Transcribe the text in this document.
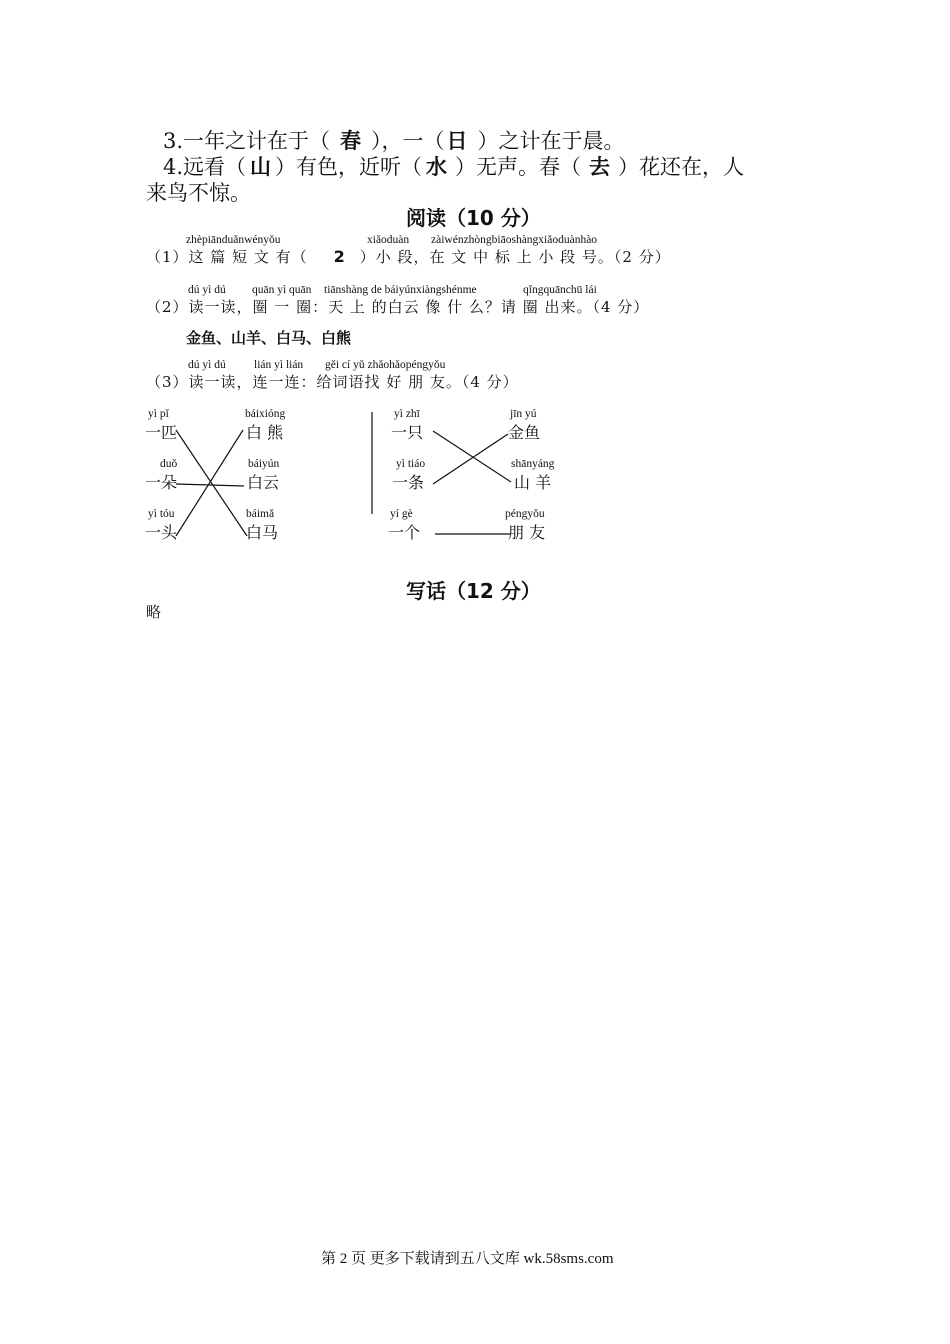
3.一年之计在于（ 春 ），一（日 ）之计在于晨。
4.远看（ 山 ）有色，近听（ 水 ）无声。春（ 去 ）花还在，人
来鸟不惊。
阅读（10 分）
zhèpiānduǎnwényǒu	xiǎoduàn zàiwénzhòngbiāoshàngxiǎoduànhào
（1）这 篇 短 文 有（ 2 ）小 段，在 文 中 标 上 小 段 号。（2 分）
dú yì dú quān yì quān tiānshàng de báiyúnxiàngshénme	qǐngquānchū lái
（2）读一读，圈 一 圈：天 上 的白云 像 什 么？请 圈 出来。（4 分）
金鱼、山羊、白马、白熊
dú yì dú lián yì lián gěi cí yǔ zhǎohǎopéngyǒu
（3）读一读，连一连：给词语找 好 朋 友。（4 分）
yì pǐ
一匹
duǒ
一朵
yì tóu
一头
báixióng
白 熊
báiyún
白云
báimǎ
白马
yì zhī
一只
yì tiáo
一条
yí gè
一个
jīn yú
金鱼
shānyáng
山 羊
péngyǒu
朋 友
写话（12 分）
略
第 2 页 更多下载请到五八文库 wk.58sms.com
